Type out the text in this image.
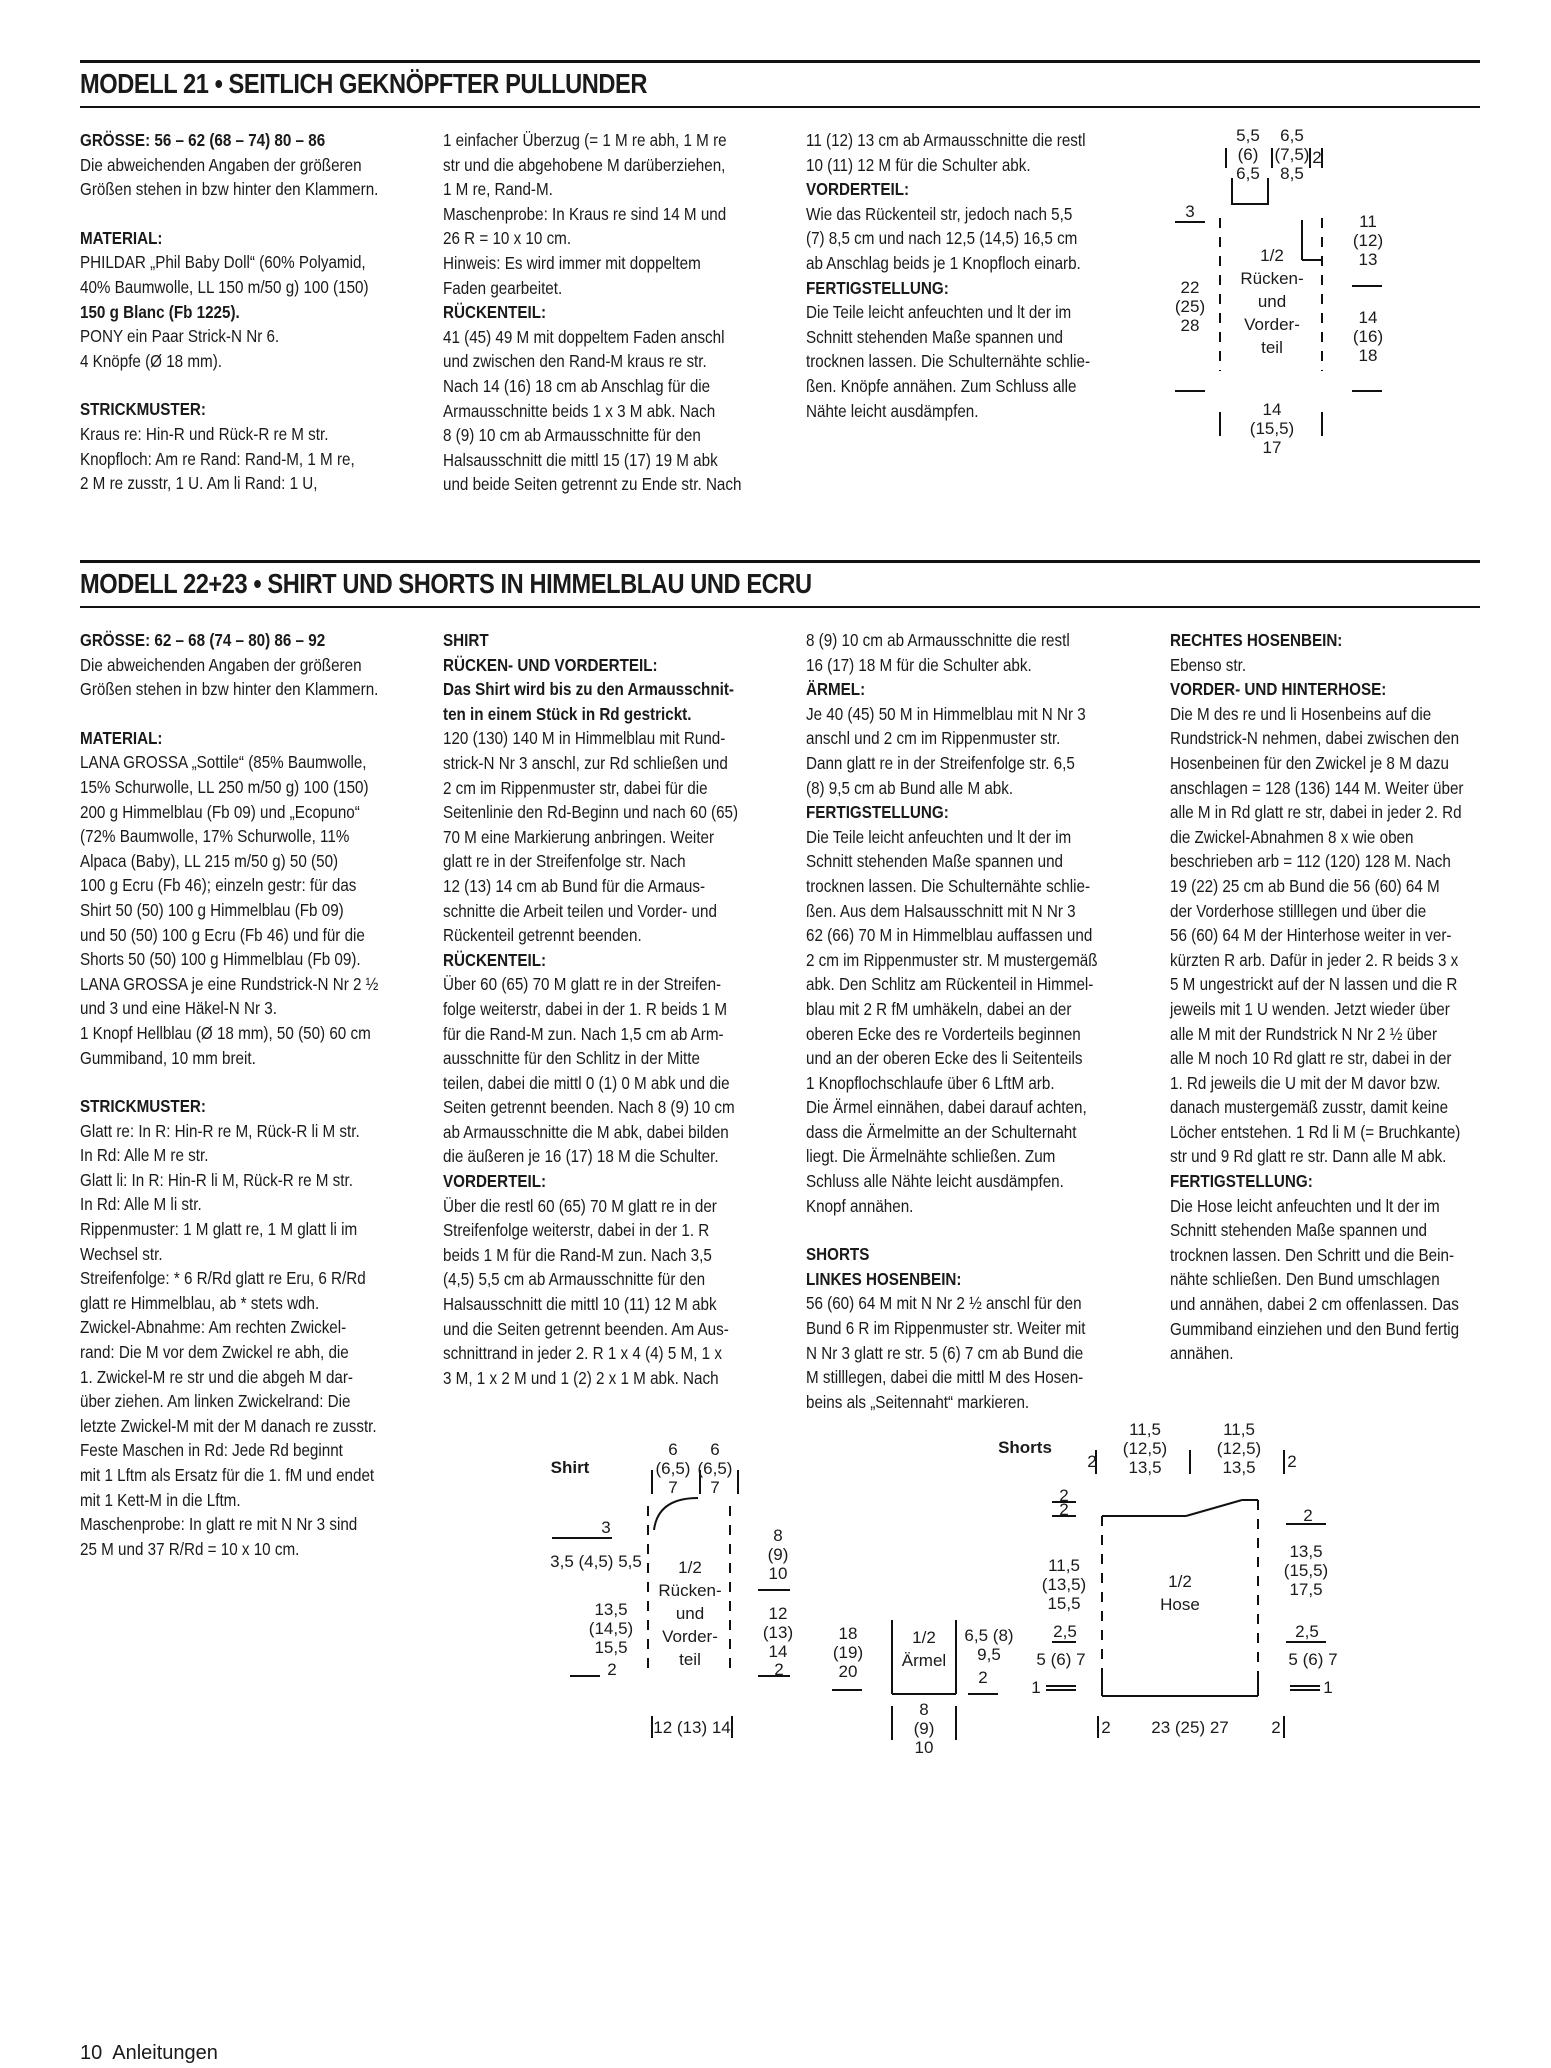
MODELL 21 • SEITLICH GEKNÖPFTER PULLUNDER

GRÖSSE: 56 – 62 (68 – 74) 80 – 86

Die abweichenden Angaben der größeren

Größen stehen in bzw hinter den Klammern.

MATERIAL:

PHILDAR „Phil Baby Doll“ (60% Polyamid,

40% Baumwolle, LL 150 m/50 g) 100 (150)

150 g Blanc (Fb 1225).

PONY ein Paar Strick-N Nr 6.

4 Knöpfe (Ø 18 mm).

STRICKMUSTER:

Kraus re: Hin-R und Rück-R re M str.

Knopfloch: Am re Rand: Rand-M, 1 M re,

2 M re zusstr, 1 U. Am li Rand: 1 U,

1 einfacher Überzug (= 1 M re abh, 1 M re

str und die abgehobene M darüberziehen,

1 M re, Rand-M.

Maschenprobe: In Kraus re sind 14 M und

26 R = 10 x 10 cm.

Hinweis: Es wird immer mit doppeltem

Faden gearbeitet.

RÜCKENTEIL:

41 (45) 49 M mit doppeltem Faden anschl

und zwischen den Rand-M kraus re str.

Nach 14 (16) 18 cm ab Anschlag für die

Armausschnitte beids 1 x 3 M abk. Nach

8 (9) 10 cm ab Armausschnitte für den

Halsausschnitt die mittl 15 (17) 19 M abk

und beide Seiten getrennt zu Ende str. Nach

11 (12) 13 cm ab Armausschnitte die restl

10 (11) 12 M für die Schulter abk.

VORDERTEIL:

Wie das Rückenteil str, jedoch nach 5,5

(7) 8,5 cm und nach 12,5 (14,5) 16,5 cm

ab Anschlag beids je 1 Knopfloch einarb.

FERTIGSTELLUNG:

Die Teile leicht anfeuchten und lt der im

Schnitt stehenden Maße spannen und

trocknen lassen. Die Schulternähte schlie-

ßen. Knöpfe annähen. Zum Schluss alle

Nähte leicht ausdämpfen.

5,5
(6)
6,5
6,5
(7,5)
8,5
2
3
22
(25)
28
11
(12)
13
14
(16)
18
1/2
Rücken-
und
Vorder-
teil
14
(15,5)
17
MODELL 22+23 • SHIRT UND SHORTS IN HIMMELBLAU UND ECRU

GRÖSSE: 62 – 68 (74 – 80) 86 – 92

Die abweichenden Angaben der größeren

Größen stehen in bzw hinter den Klammern.

MATERIAL:

LANA GROSSA „Sottile“ (85% Baumwolle,

15% Schurwolle, LL 250 m/50 g) 100 (150)

200 g Himmelblau (Fb 09) und „Ecopuno“

(72% Baumwolle, 17% Schurwolle, 11%

Alpaca (Baby), LL 215 m/50 g) 50 (50)

100 g Ecru (Fb 46); einzeln gestr: für das

Shirt 50 (50) 100 g Himmelblau (Fb 09)

und 50 (50) 100 g Ecru (Fb 46) und für die

Shorts 50 (50) 100 g Himmelblau (Fb 09).

LANA GROSSA je eine Rundstrick-N Nr 2 ½

und 3 und eine Häkel-N Nr 3.

1 Knopf Hellblau (Ø 18 mm), 50 (50) 60 cm

Gummiband, 10 mm breit.

STRICKMUSTER:

Glatt re: In R: Hin-R re M, Rück-R li M str.

In Rd: Alle M re str.

Glatt li: In R: Hin-R li M, Rück-R re M str.

In Rd: Alle M li str.

Rippenmuster: 1 M glatt re, 1 M glatt li im

Wechsel str.

Streifenfolge: * 6 R/Rd glatt re Eru, 6 R/Rd

glatt re Himmelblau, ab * stets wdh.

Zwickel-Abnahme: Am rechten Zwickel-

rand: Die M vor dem Zwickel re abh, die

1. Zwickel-M re str und die abgeh M dar-

über ziehen. Am linken Zwickelrand: Die

letzte Zwickel-M mit der M danach re zusstr.

Feste Maschen in Rd: Jede Rd beginnt

mit 1 Lftm als Ersatz für die 1. fM und endet

mit 1 Kett-M in die Lftm.

Maschenprobe: In glatt re mit N Nr 3 sind

25 M und 37 R/Rd = 10 x 10 cm.

SHIRT

RÜCKEN- UND VORDERTEIL:

Das Shirt wird bis zu den Armausschnit-

ten in einem Stück in Rd gestrickt.

120 (130) 140 M in Himmelblau mit Rund-

strick-N Nr 3 anschl, zur Rd schließen und

2 cm im Rippenmuster str, dabei für die

Seitenlinie den Rd-Beginn und nach 60 (65)

70 M eine Markierung anbringen. Weiter

glatt re in der Streifenfolge str. Nach

12 (13) 14 cm ab Bund für die Armaus-

schnitte die Arbeit teilen und Vorder- und

Rückenteil getrennt beenden.

RÜCKENTEIL:

Über 60 (65) 70 M glatt re in der Streifen-

folge weiterstr, dabei in der 1. R beids 1 M

für die Rand-M zun. Nach 1,5 cm ab Arm-

ausschnitte für den Schlitz in der Mitte

teilen, dabei die mittl 0 (1) 0 M abk und die

Seiten getrennt beenden. Nach 8 (9) 10 cm

ab Armausschnitte die M abk, dabei bilden

die äußeren je 16 (17) 18 M die Schulter.

VORDERTEIL:

Über die restl 60 (65) 70 M glatt re in der

Streifenfolge weiterstr, dabei in der 1. R

beids 1 M für die Rand-M zun. Nach 3,5

(4,5) 5,5 cm ab Armausschnitte für den

Halsausschnitt die mittl 10 (11) 12 M abk

und die Seiten getrennt beenden. Am Aus-

schnittrand in jeder 2. R 1 x 4 (4) 5 M, 1 x

3 M, 1 x 2 M und 1 (2) 2 x 1 M abk. Nach

8 (9) 10 cm ab Armausschnitte die restl

16 (17) 18 M für die Schulter abk.

ÄRMEL:

Je 40 (45) 50 M in Himmelblau mit N Nr 3

anschl und 2 cm im Rippenmuster str.

Dann glatt re in der Streifenfolge str. 6,5

(8) 9,5 cm ab Bund alle M abk.

FERTIGSTELLUNG:

Die Teile leicht anfeuchten und lt der im

Schnitt stehenden Maße spannen und

trocknen lassen. Die Schulternähte schlie-

ßen. Aus dem Halsausschnitt mit N Nr 3

62 (66) 70 M in Himmelblau auffassen und

2 cm im Rippenmuster str. M mustergemäß

abk. Den Schlitz am Rückenteil in Himmel-

blau mit 2 R fM umhäkeln, dabei an der

oberen Ecke des re Vorderteils beginnen

und an der oberen Ecke des li Seitenteils

1 Knopflochschlaufe über 6 LftM arb.

Die Ärmel einnähen, dabei darauf achten,

dass die Ärmelmitte an der Schulternaht

liegt. Die Ärmelnähte schließen. Zum

Schluss alle Nähte leicht ausdämpfen.

Knopf annähen.

SHORTS

LINKES HOSENBEIN:

56 (60) 64 M mit N Nr 2 ½ anschl für den

Bund 6 R im Rippenmuster str. Weiter mit

N Nr 3 glatt re str. 5 (6) 7 cm ab Bund die

M stilllegen, dabei die mittl M des Hosen-

beins als „Seitennaht“ markieren.

RECHTES HOSENBEIN:

Ebenso str.

VORDER- UND HINTERHOSE:

Die M des re und li Hosenbeins auf die

Rundstrick-N nehmen, dabei zwischen den

Hosenbeinen für den Zwickel je 8 M dazu

anschlagen = 128 (136) 144 M. Weiter über

alle M in Rd glatt re str, dabei in jeder 2. Rd

die Zwickel-Abnahmen 8 x wie oben

beschrieben arb = 112 (120) 128 M. Nach

19 (22) 25 cm ab Bund die 56 (60) 64 M

der Vorderhose stilllegen und über die

56 (60) 64 M der Hinterhose weiter in ver-

kürzten R arb. Dafür in jeder 2. R beids 3 x

5 M ungestrickt auf der N lassen und die R

jeweils mit 1 U wenden. Jetzt wieder über

alle M mit der Rundstrick N Nr 2 ½ über

alle M noch 10 Rd glatt re str, dabei in der

1. Rd jeweils die U mit der M davor bzw.

danach mustergemäß zusstr, damit keine

Löcher entstehen. 1 Rd li M (= Bruchkante)

str und 9 Rd glatt re str. Dann alle M abk.

FERTIGSTELLUNG:

Die Hose leicht anfeuchten und lt der im

Schnitt stehenden Maße spannen und

trocknen lassen. Den Schritt und die Bein-

nähte schließen. Den Bund umschlagen

und annähen, dabei 2 cm offenlassen. Das

Gummiband einziehen und den Bund fertig

annähen.

Shirt
6
(6,5)
7
6
(6,5)
7
3
3,5 (4,5) 5,5
13,5
(14,5)
15,5
2
8
(9)
10
12
(13)
14
2
1/2
Rücken-
und
Vorder-
teil
12 (13) 14
18
(19)
20
1/2
Ärmel
6,5 (8)
9,5
2
8
(9)
10
Shorts
2
11,5
(12,5)
13,5
11,5
(12,5)
13,5	2
2
2
11,5
(13,5)
15,5
2,5
5 (6) 7
1
2
13,5
(15,5)
17,5
2,5
5 (6) 7
1
1/2
Hose
2	23 (25) 27	2
10 Anleitungen
